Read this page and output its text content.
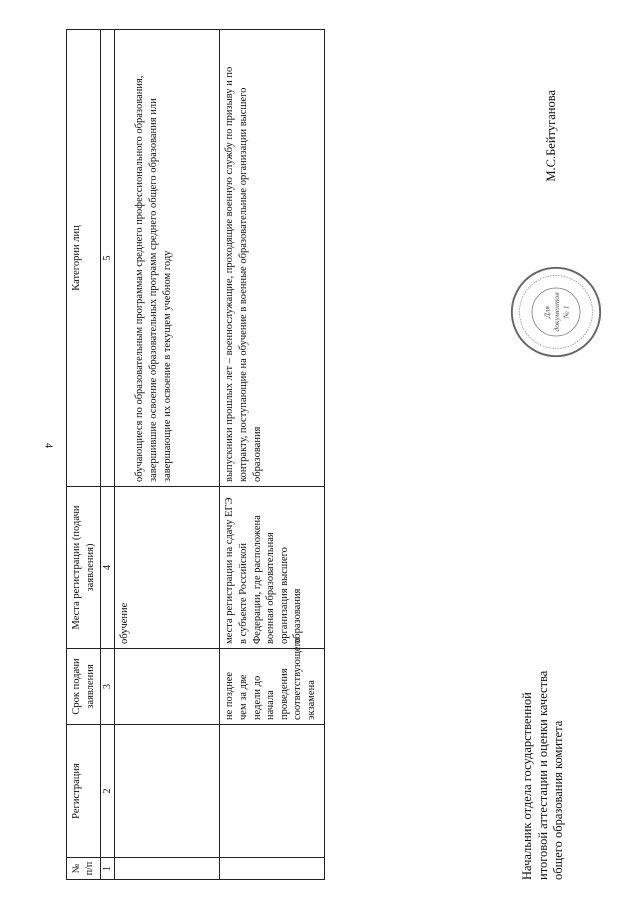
4
№ п/п	Регистрация	Срок подачи заявления	Места регистрации (подачи заявления)	Категории лиц
1	2	3	4	5
			обучение	обучающиеся по образовательным программам среднего профессионального образования, завершившие освоение образовательных программ среднего общего образования или завершающие их освоение в текущем учебном году
		не позднее чем за две недели до начала проведения соответствующего экзамена	места регистрации на сдачу ЕГЭ в субъекте Российской Федерации, где расположена военная образовательная организация высшего образования	выпускники прошлых лет – военнослужащие, проходящие военную службу по призыву и по контракту, поступающие на обучение в военные образовательные организации высшего образования
Начальник отдела государственной итоговой аттестации и оценки качества общего образования комитета
Для документов № 1
М.С.Бейтуганова
